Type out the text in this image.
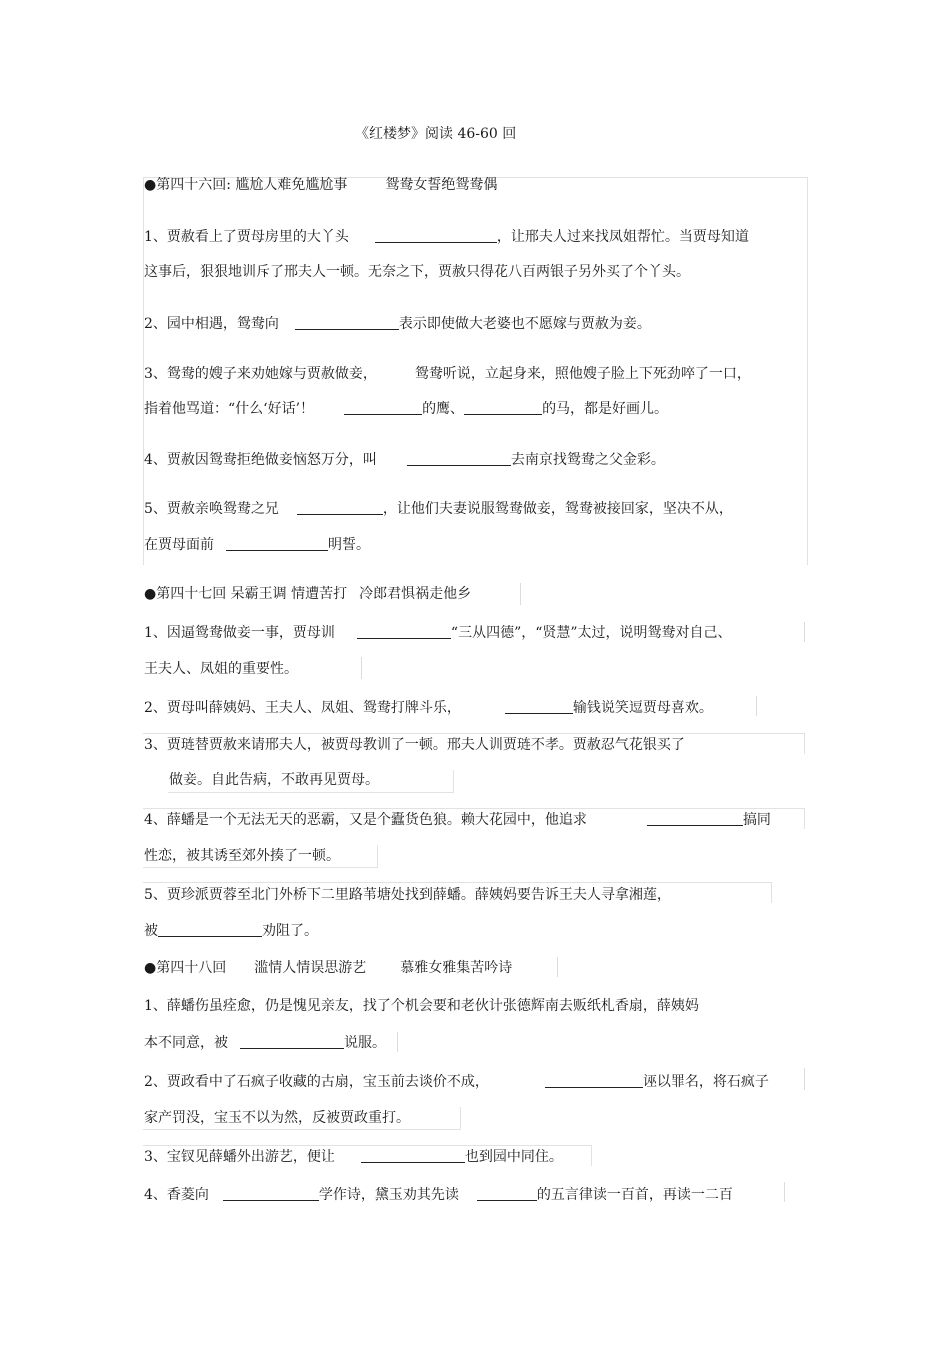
《红楼梦》阅读 46-60 回
●第四十六回: 尴尬人难免尴尬事	鸳鸯女誓绝鸳鸯偶
1、贾赦看上了贾母房里的大丫头	，让邢夫人过来找凤姐帮忙。当贾母知道
这事后，狠狠地训斥了邢夫人一顿。无奈之下，贾赦只得花八百两银子另外买了个丫头。
2、园中相遇，鸳鸯向	表示即使做大老婆也不愿嫁与贾赦为妾。
3、鸳鸯的嫂子来劝她嫁与贾赦做妾，	鸳鸯听说，立起身来，照他嫂子脸上下死劲啐了一口，
指着他骂道：“什么‘好话’！	的鹰、	的马，都是好画儿。
4、贾赦因鸳鸯拒绝做妾恼怒万分，叫	去南京找鸳鸯之父金彩。
5、贾赦亲唤鸳鸯之兄	，让他们夫妻说服鸳鸯做妾，鸳鸯被接回家，坚决不从，
在贾母面前	明誓。
●第四十七回 呆霸王调 情遭苦打 冷郎君惧祸走他乡
1、因逼鸳鸯做妾一事，贾母训	“三从四德”，“贤慧”太过，说明鸳鸯对自己、
王夫人、凤姐的重要性。
2、贾母叫薛姨妈、王夫人、凤姐、鸳鸯打牌斗乐，	输钱说笑逗贾母喜欢。
3、贾琏替贾赦来请邢夫人，被贾母教训了一顿。邢夫人训贾琏不孝。贾赦忍气花银买了
做妾。自此告病，不敢再见贾母。
4、薛蟠是一个无法无天的恶霸，又是个蠹货色狼。赖大花园中，他追求	搞同
性恋，被其诱至郊外揍了一顿。
5、贾珍派贾蓉至北门外桥下二里路苇塘处找到薛蟠。薛姨妈要告诉王夫人寻拿湘莲，
被	劝阻了。
●第四十八回 滥情人情误思游艺 慕雅女雅集苦吟诗
1、薛蟠伤虽痊愈，仍是愧见亲友，找了个机会要和老伙计张德辉南去贩纸札香扇，薛姨妈
本不同意，被	说服。
2、贾政看中了石疯子收藏的古扇，宝玉前去谈价不成，	诬以罪名，将石疯子
家产罚没，宝玉不以为然，反被贾政重打。
3、宝钗见薛蟠外出游艺，便让	也到园中同住。
4、香菱向	学作诗，黛玉劝其先读	的五言律读一百首，再读一二百
